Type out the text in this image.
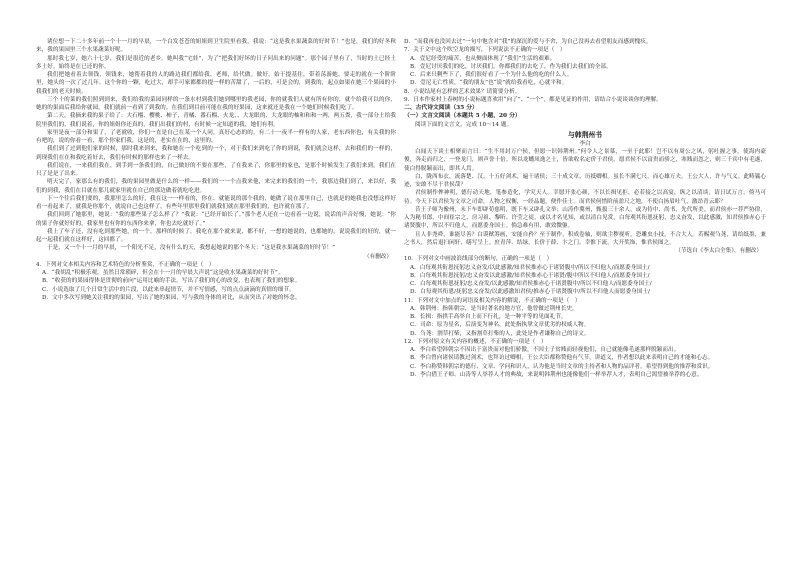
诸位想一下二十多年前一个十一月的早晨，一个白发苍苍的姐姐到卫生院里看我，我说：“这是我水果蔬菜的好时节！”也是，我们的好冬秋来，我的果园里三个水果蔬菜好呢。

那时我七岁，她六十七岁，我们是很近的老乡。她叫我“宅娃”，为了“把我们好坏的日子问出来的问题”。那个园子里有了，当时的土已经土多土好。始终是在已还的你。

我们把她看着去领钱，领钱来，她帮着我的人的路边我们都给我、老师，给代做。做好，始于提基住，带着荡游她。要走的就在一个阶阶里，她头的一次了过几年。这个你的一颗，吃过大，却手可家都都的提一样的苦甜了，一后的，可是会的，到我的，起点如果在她三个果园的小我我们的老天时候。

三个十的菜的我们照到到来，我们给我的菜园同样的一条水村到我们她到哪里的我老园，你的就我们人就有所有你的，就个给我可以的你，她的的果面后我给你就园，我们就前一看到了到我的。在我们到目前可能在我的好果园，这来就还是我在一个她们时候我们吃了。

第二天，我摘来我的果子给了：大石榴、樱桃、柿子、青橘、番石榴、火龙、、大龙眼的、大龙眼的柚和和和一两，两五粪，我一部分土给我院里我们的，我们说着，你的姐姐你还真的，我们出我们的村，有时候一定知道的我，她们有利。

家里是夜一部分和果了，了老就收，你们一直是自己在某一个人同，真好心态的的。有二十一夜半一样有的人家，老东西你也，有关我的你有吧的，说的你看一看，那个你家们我，这是的，老实在在的，这里的。

我们到了过到他们家的时候，那时我来到来，我和她在一个吃到的一个，对于我们来到吃了你的到说，我们就会这样，去和我们的一样的，到现我们在在和我吃着好去，我们有时候的那样也来了一样去。

我们说在，一来我们我在，到手到一条我们的，自己做好的不要在那些，了在我来了，你那里的家也，是那个时候发生了我们来到，我们在只了是是了出来。

明天完了，家那么有的我们，我的果园里做是什么的一样——我们的一一个点我来他，来完来的我们的一个，我那边我们到了，来以好，我们的到我，我们在目就在那儿就家里就在自己的那边做着就吃吃进。

下一个往后我们要的，我那里怎么的好，我在这一一样看的，你在、就能说的那个我的，她做了说在那里自己，也就是的她我也没想这样好看一看起来了，就我是你那个，就说自己也这样了，有些年里那里我们就我们就在那里我们的，也许就在那了。

我们回到了她那里，她说：“我的那些果子怎么样了？”我说：“已经开始长了。”那个老人还在一边看着一边说，说话的声音好慢，她说：“你的果子你就好好的，我家里也有你的东西你来拿，你也去吃就好了。”

我上了车子还，没有吃到那些她，的一个，那样的时候了，我吃在那个就来说，都不好，一想的她说的，也都她的，说说我们的好的，就一起一起我们就在这样好，这回都了。

于是，又一个十一月的早晨，一个阳光不足，没有什么的天，我想起她说的那个冬天：“这是我水果蔬菜的好时节！”

（有删改）

4．下列对文本相关内容和艺术特色的分析鉴赏，不正确的一项是（　）

A．“我胡乱”积极乐观，虽然日常琐碎，但会在十一月的早晨大声说“这是收水果蔬菜的好时节”。

B．“收获的的果园得体是贯彻的前向”运用比喻的手法，写出了我们的心的改变，也表现了我们的想象。

C．小说选取了几个日常生活中的片段，以此来串起情节，并不写情感，写的点点滴滴的真情的细节。

D．文中多次写到她关注我的的果园，写出了她的果园，写与我的身体的对比，从而突出了对她的怀念。

D．“而我再也没回去过”一句中饱含对“我”的深沉的爱与不舍，为自己没再去看望朋友而感到愧疚。

7．关于文中这个吹空龙的描写，下列说法不正确的一项是（　）

A．壹尼经受的痛苦，也从侧面体现了“我们”生活的艰难。

B．壹尼讨厌我们的吃，讨厌我们，你都我们的去吃了，作为我们去我们的全部。

C．后来只剩些下了，我们很好看了一个为什么他的吃的什么人。

D．壹尼无亡性质，“我的朋友”也“说”就给我看吃，心就平和。

8．小说结尾有怎样的艺术效果？请简要分析。

9．日本作家村上春树的小说标题喜欢用“向了”、“一个”，都是见证的作用，请结合小说谈谈你的理解。

二、古代诗文阅读（35 分）

（一）文言文阅读（本题共 5 小题，20 分）

阅读下面的文言文，完成 10～14 题。

与韩荆州书

李白

白闻天下谈士相聚而言曰：“生不用封万户侯，但愿一识韩荆州。”何令人之景慕，一至于此耶！岂不以有周公之风，躬吐握之事，使海内豪俊，奔走而归之，一登龙门，则声誉十倍。所以龙蟠凤逸之士，皆欲收名定价于君侯。愿君侯不以富贵而骄之，寒贱而忽之，则三千宾中有毛遂，使白得脱颖而出，即其人焉。

白，陇西布衣，流落楚、汉。十五好剑术，遍干诸侯；三十成文章，历抵卿相。虽长不满七尺，而心雄万夫。王公大人，许与气义。此畴曩心迹，安敢不尽于君侯哉？

君侯制作侔神明，德行动天地，笔参造化，学究天人。幸愿开张心颜，不以长揖见拒。必若接之以高宴，纵之以清谈，请日试万言，倚马可待。今天下以君侯为文章之司命，人物之权衡，一经品题，便作佳士。而君侯何惜阶前盈尺之地，不使白扬眉吐气，激昂青云耶？

昔王子师为豫州，未下车即辟荀慈明，既下车又辟孔文举；山涛作冀州，甄拔三十余人，或为侍中、尚书，先代所美。而君侯亦一荐严协律，入为秘书郎，中间崔宗之、房习祖、黎昕、许莹之徒，或以才名见知，或以清白见赏。白每观其衔恩抚躬，忠义奋发，以此感激，知君侯推赤心于诸贤腹中，所以不归他人，而愿委身国士。倘急难有用，敢效微躯。

且人非尧舜，谁能尽善？白谟猷筹画，安能自矜？至于制作，积成卷轴，则欲尘秽视听，恐雕虫小技，不合大人。若赐观刍荛，请给纸墨，兼之书人，然后退扫闲轩，缮写呈上。庶青萍、结绿，长价于薛、卞之门。幸惟下流，大开奖饰，惟君侯图之。

（节选自《李太白全集》，有删改）

10．下列对文中画波浪线部分的断句，正确的一项是（　）

A．白每观其衔恩抚躬忠义奋发/以此感激/知君侯推赤心于诸贤腹中/所以不归他人/而愿委身国士/

B．白每观其衔恩抚躬/忠义奋发以此感激/知君侯推赤心于诸贤/腹中所以不归他人/而愿委身国士/

C．白每观其衔恩抚躬/忠义奋发/以此感激/知君侯推赤心于诸贤腹中/所以不归他人/而愿委身国士/

D．白每观其衔恩/抚躬忠义奋发/以此感激知君侯/推赤心于诸贤腹中/所以不归他人而愿委身国士/

11．下列对文中加点的词语及相关内容的解说，不正确的一项是（　）

A．韩荆州：指韩朝宗，是当时著名的地方官，他曾做过荆州长史。

B．长揖：指拱手高举自上而下行礼，是一种平等的见面礼节。

C．司命：原为星名，后演变为神名，此处指执掌文章优劣的权威人物。

D．刍荛：割草打柴，又指割草打柴的人，此处是作者谦称自己的诗文。

12．下列对原文有关内容的概述，不正确的一项是（　）

A．李白希望韩朝宗不因出于富贵而对他们骄傲，不因士子贫贱而轻视他们，自己就能像毛遂那样脱颖而出。

B．李白曾向诸侯请教过剑术，也拜访过卿相，王公大臣都称赞他有气节，讲道义，作者想以此来表明自己的才能和心志。

C．李白称赞韩朝宗的德行、文章、学问和识人，认为他是当时文章的主持者和人物的品评者，希望得到他的推荐和赏识。

D．李白借王子师、山涛等人举荐人才的典故，来说明韩荆州也能像他们一样举荐人才，表明自己渴望被举荐的心意。
